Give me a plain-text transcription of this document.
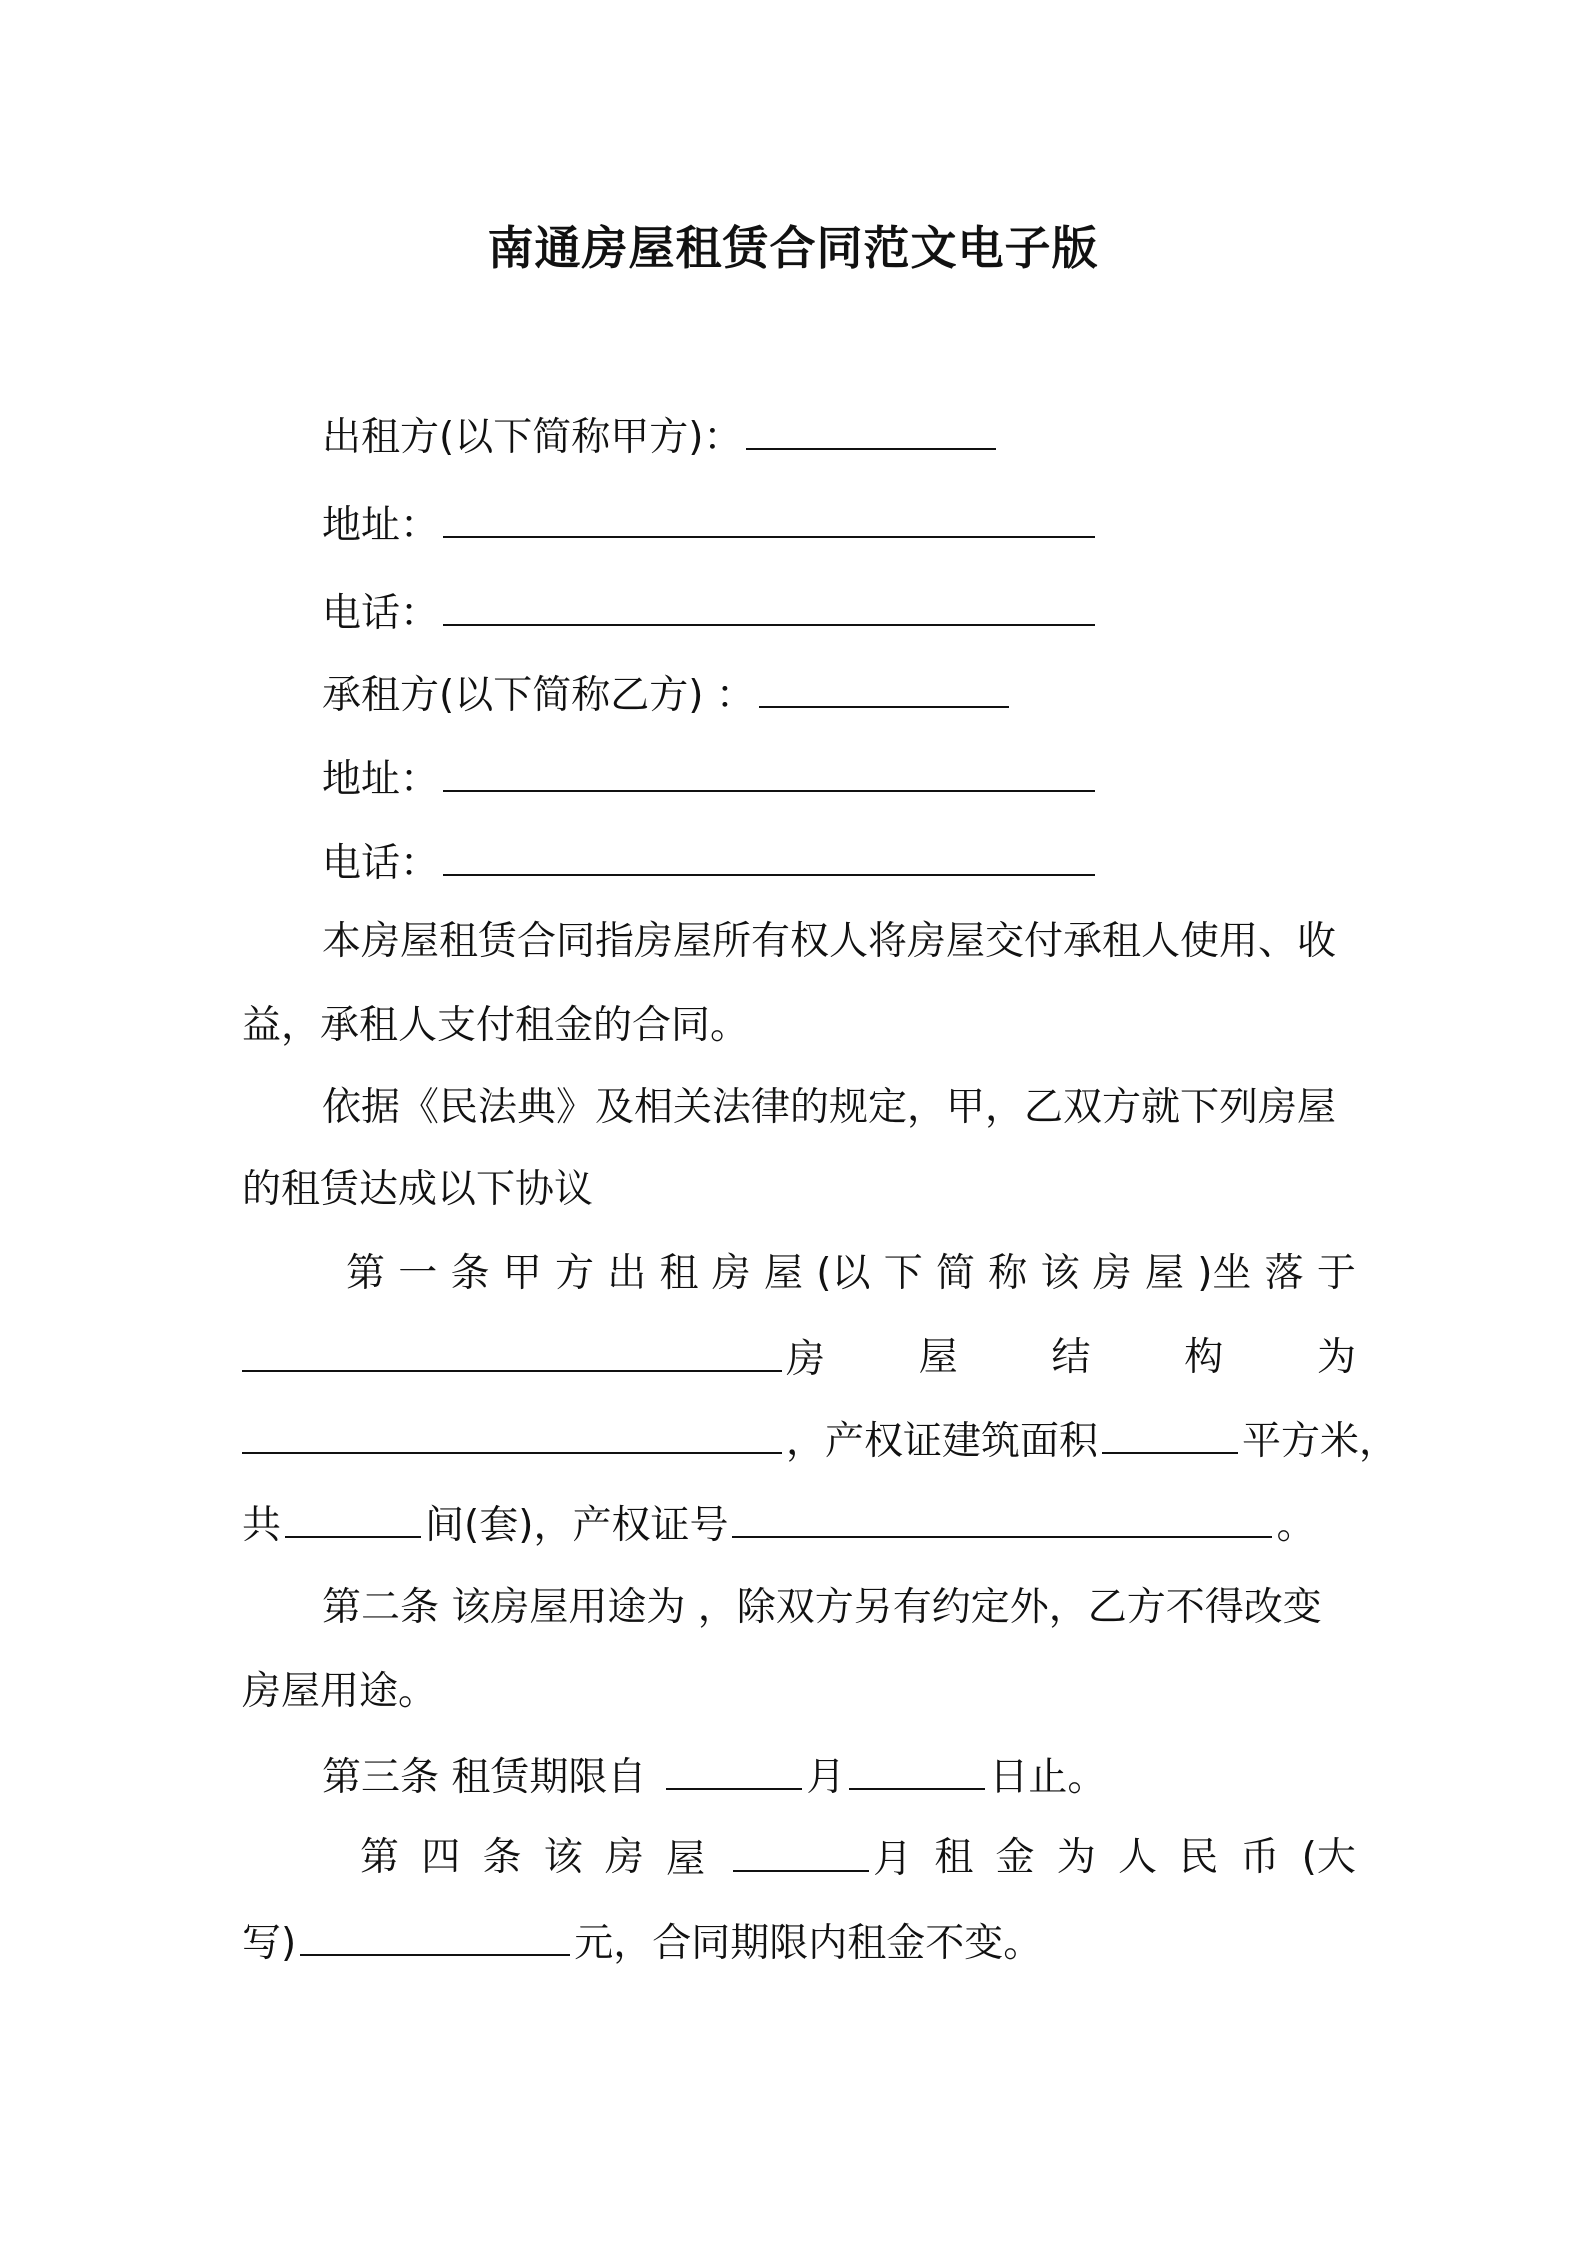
南通房屋租赁合同范文电子版
出租方(以下简称甲方)：
地址：
电话：
承租方(以下简称乙方) ：
地址：
电话：
本房屋租赁合同指房屋所有权人将房屋交付承租人使用、收
益，承租人支付租金的合同。
依据《民法典》及相关法律的规定，甲，乙双方就下列房屋
的租赁达成以下协议
第 一 条 甲 方 出 租 房 屋 (以 下 简 称 该 房 屋 )坐 落 于
房 屋 结 构 为
，产权证建筑面积	平方米，
共	间(套)，产权证号	。
第二条 该房屋用途为 ，除双方另有约定外，乙方不得改变
房屋用途。
第三条 租赁期限自	月	日止。
第 四 条 该 房 屋	月 租 金 为 人 民 币 (大
写)	元，合同期限内租金不变。
